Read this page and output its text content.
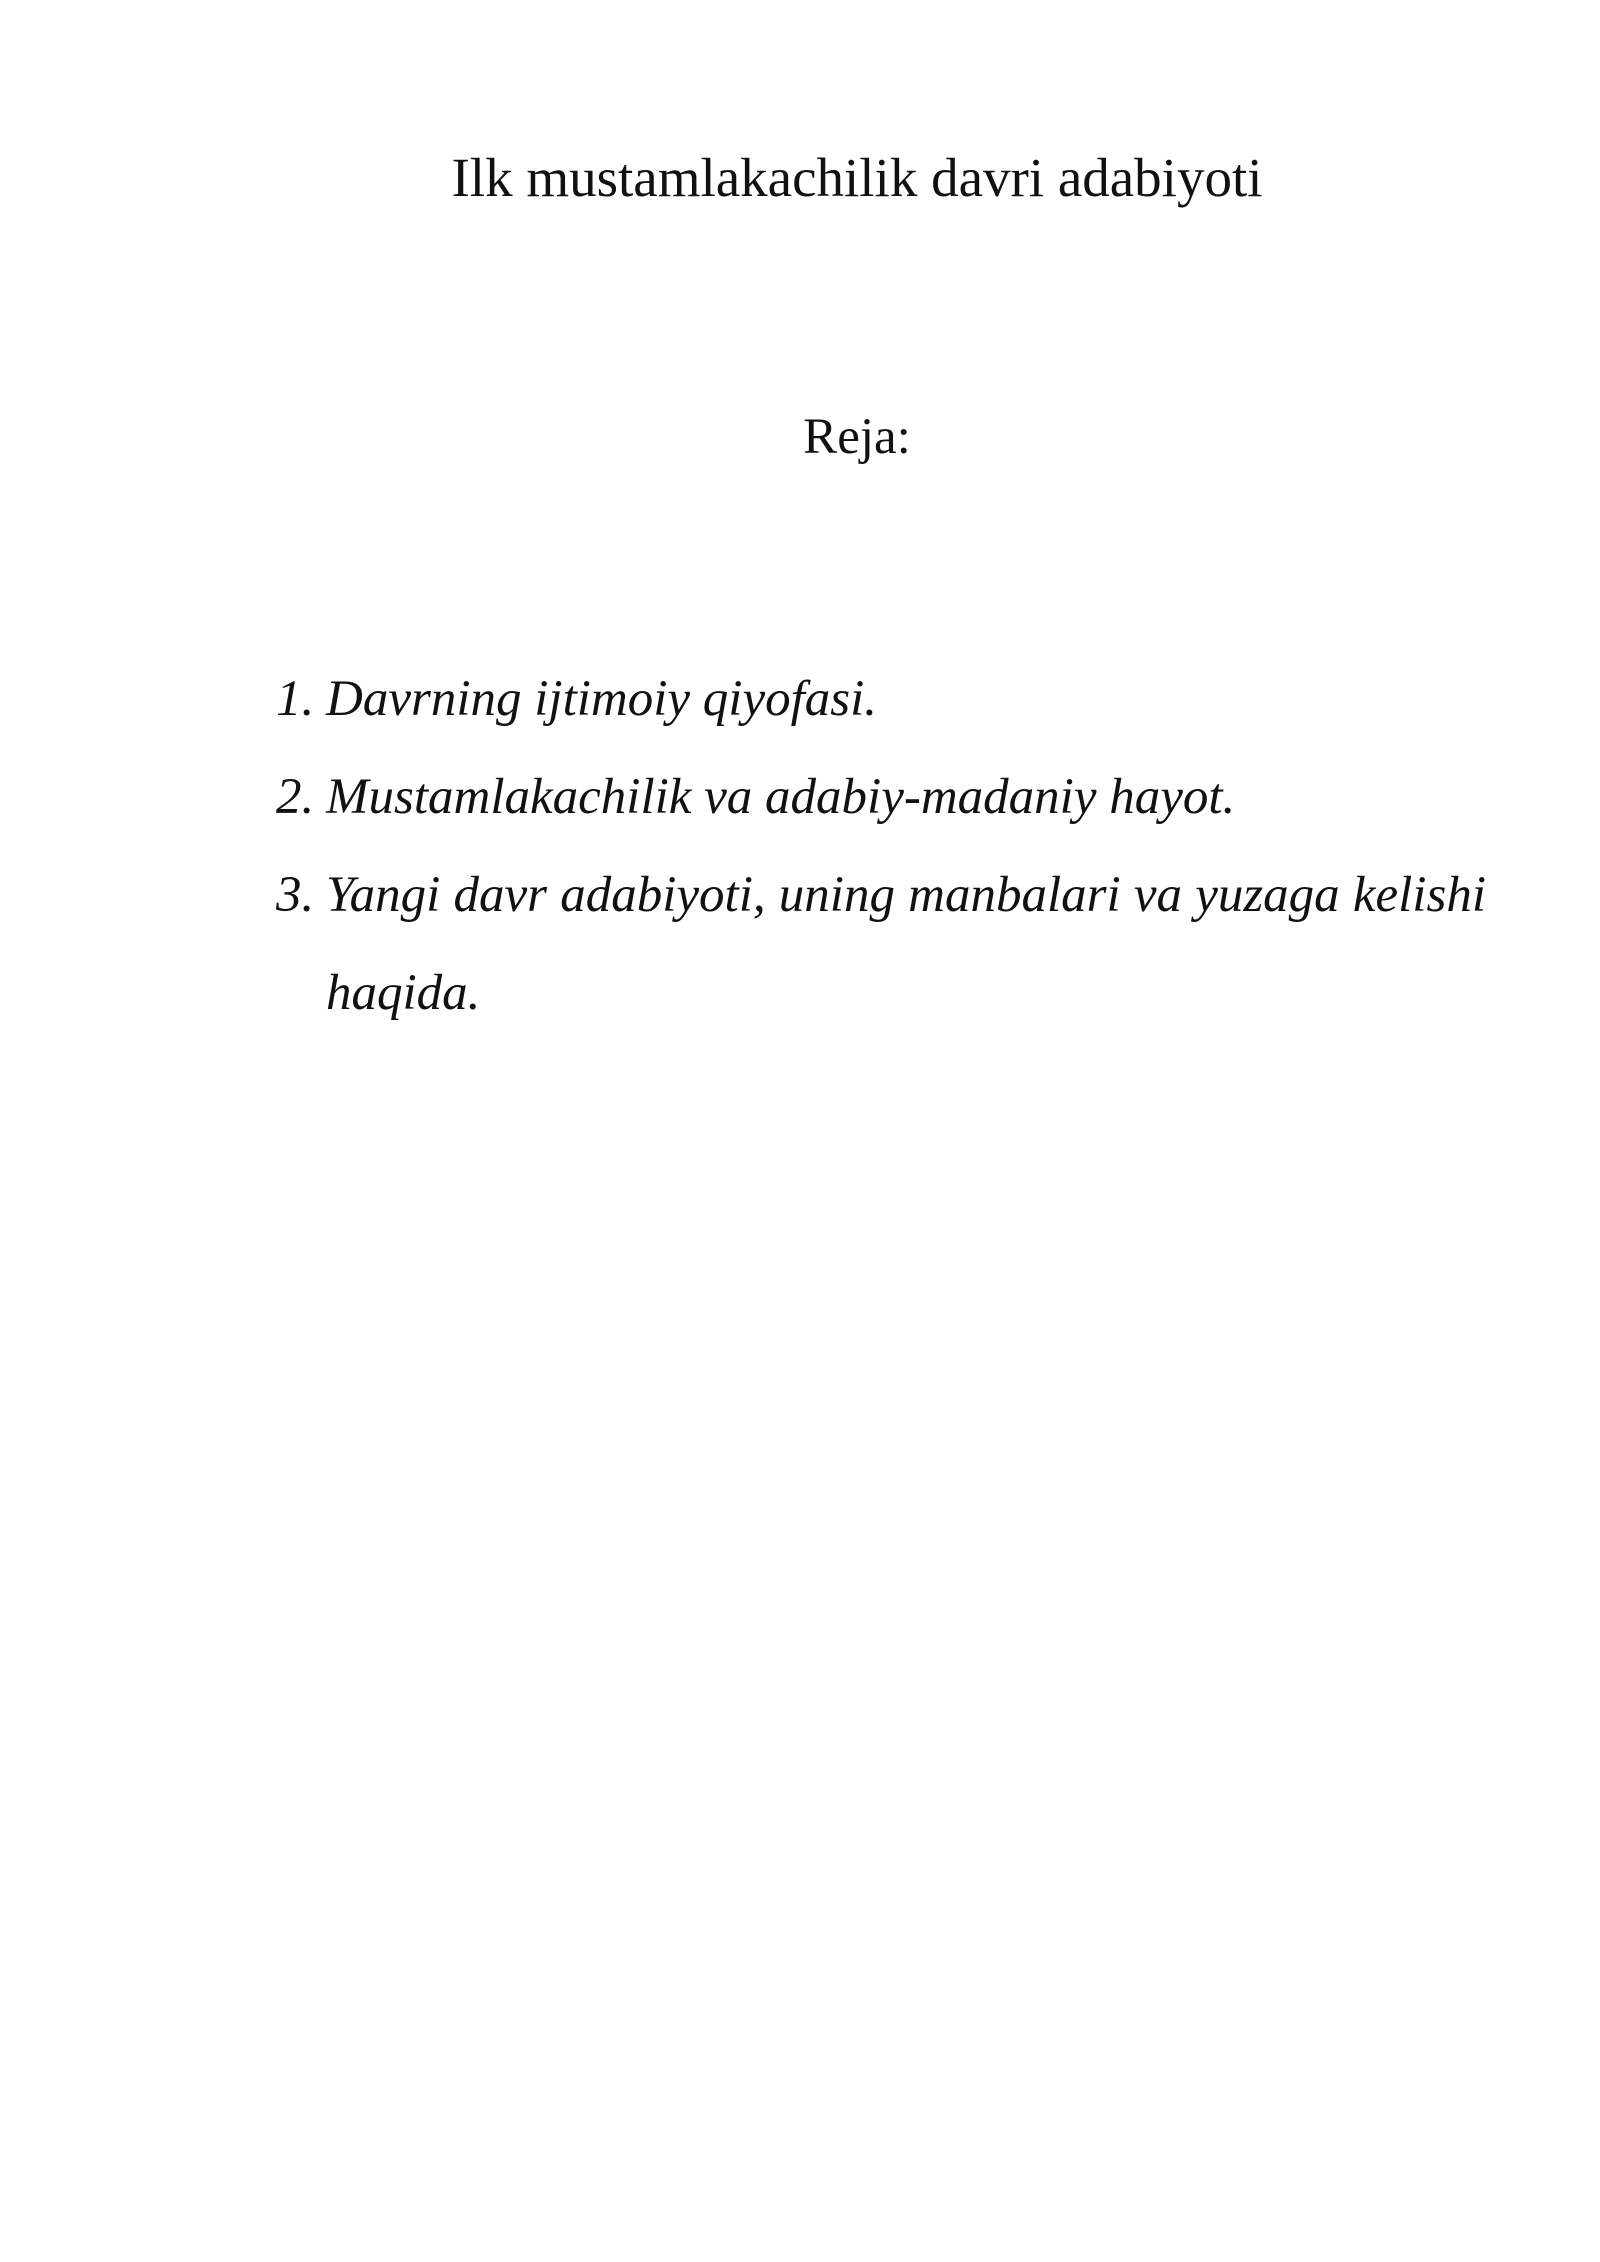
Ilk mustamlakachilik davri adabiyoti
Reja:
1. Davrning ijtimoiy qiyofasi.
2. Mustamlakachilik va adabiy-madaniy hayot.
3. Yangi davr adabiyoti, uning manbalari va yuzaga kelishi haqida.
